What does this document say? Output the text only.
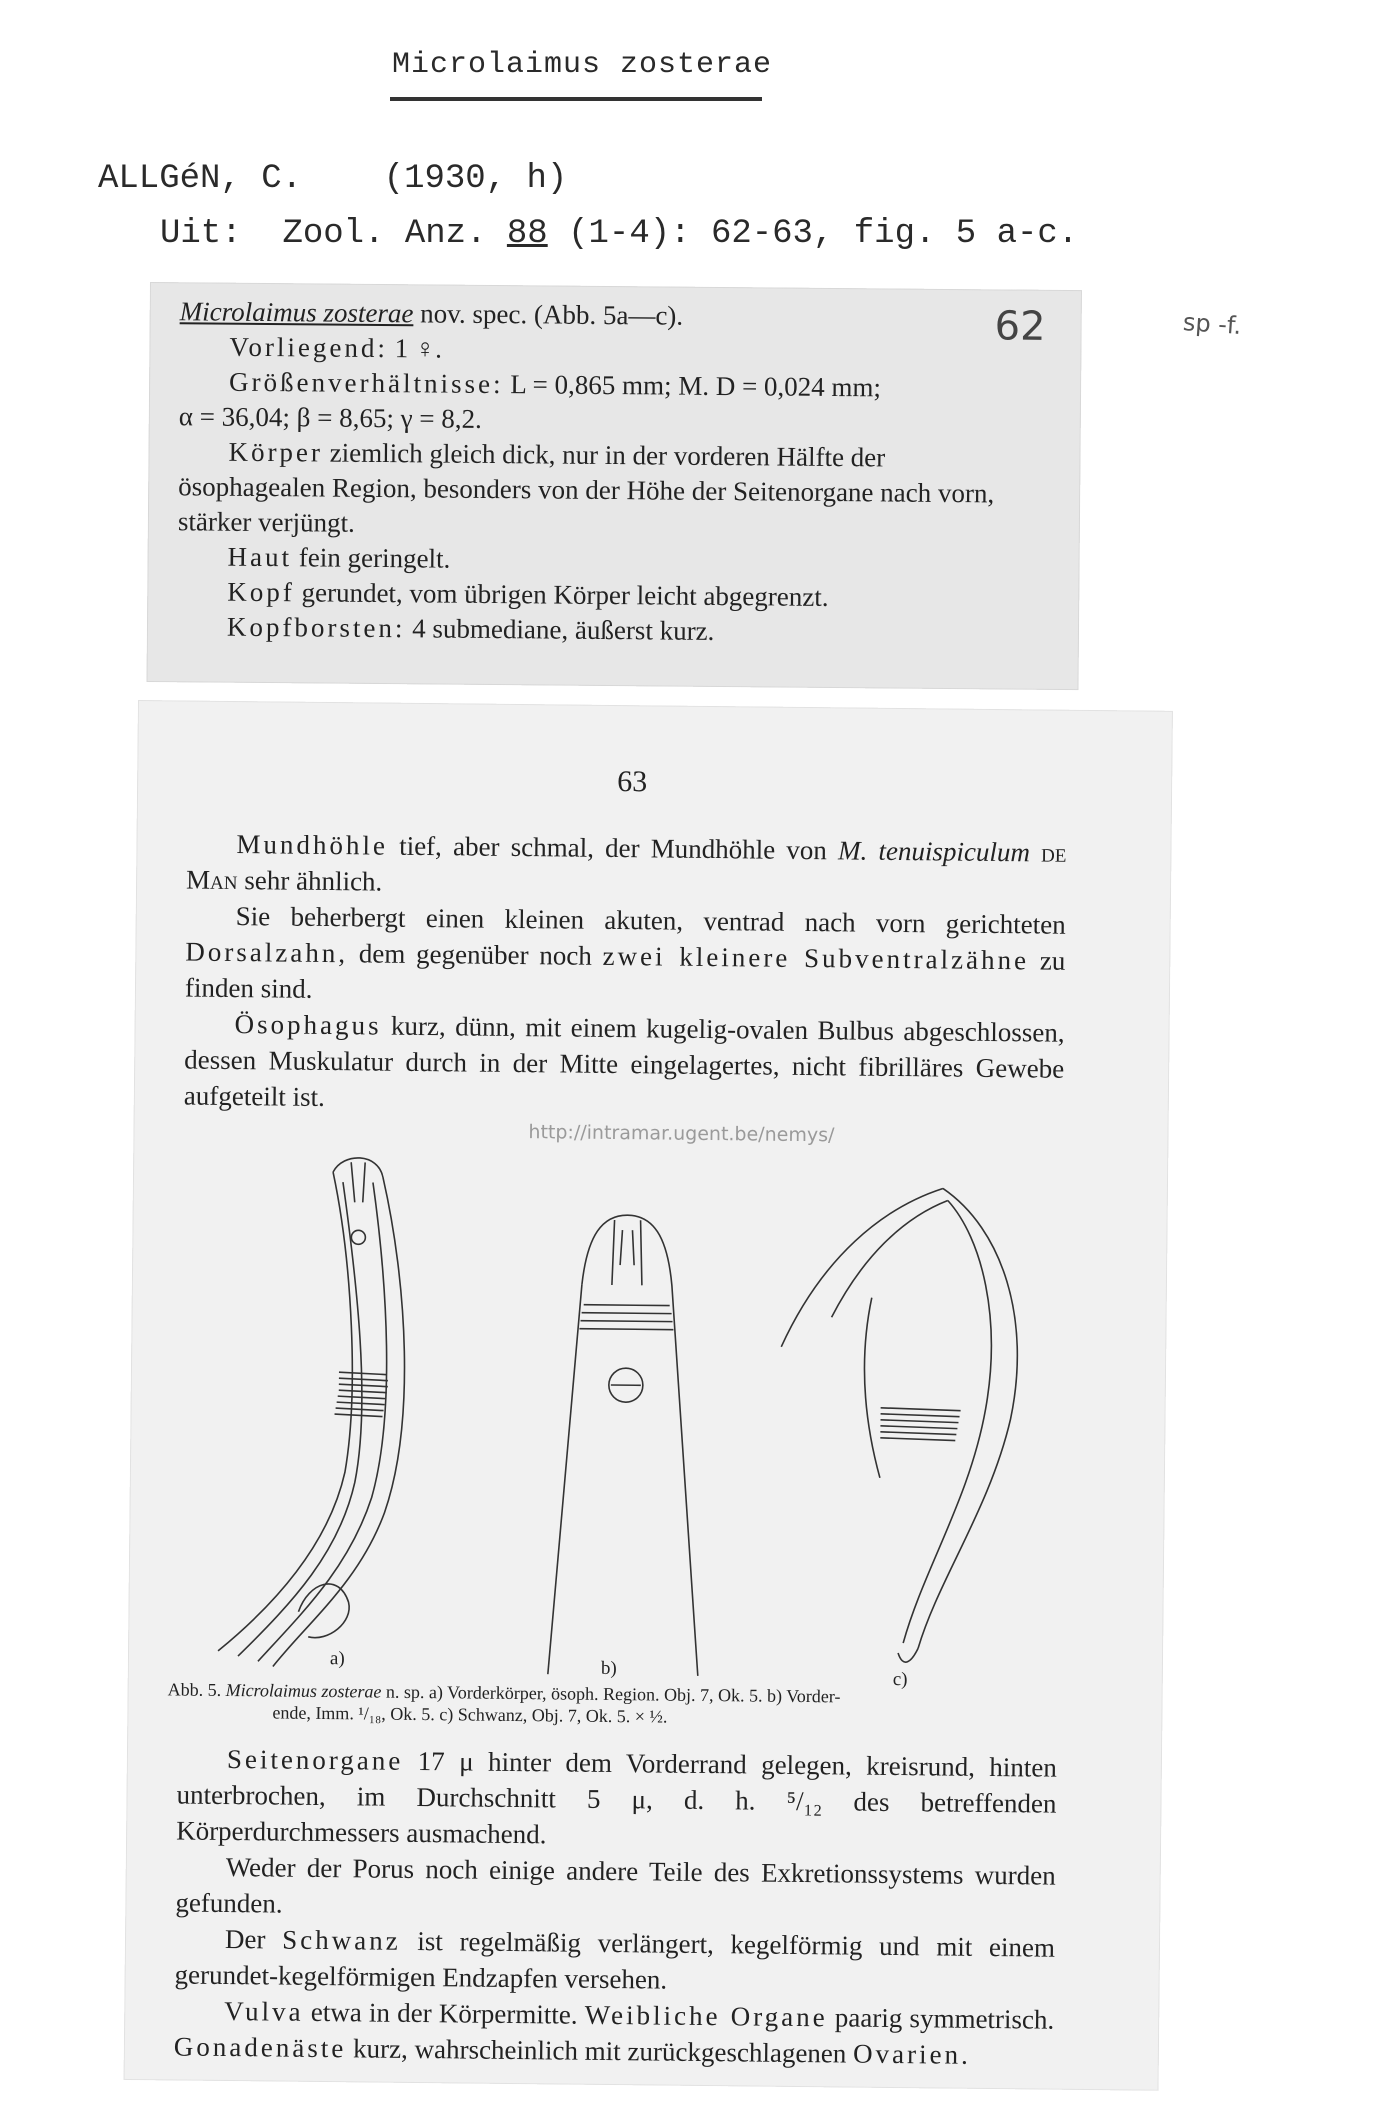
Microlaimus zosterae
ALLGéN, C. (1930, h)
Uit: Zool. Anz. 88 (1-4): 62-63, fig. 5 a-c.
sp -f.
62

Microlaimus zosterae nov. spec. (Abb. 5a—c).

Vorliegend: 1 ♀.

Größenverhältnisse: L = 0,865 mm; M. D = 0,024 mm;

α = 36,04; β = 8,65; γ = 8,2.

Körper ziemlich gleich dick, nur in der vorderen Hälfte der ösophagealen Region, besonders von der Höhe der Seitenorgane nach vorn, stärker verjüngt.

Haut fein geringelt.

Kopf gerundet, vom übrigen Körper leicht abgegrenzt.

Kopfborsten: 4 submediane, äußerst kurz.

63

Mundhöhle tief, aber schmal, der Mundhöhle von M. tenuispiculum de Man sehr ähnlich.

Sie beherbergt einen kleinen akuten, ventrad nach vorn gerichteten Dorsalzahn, dem gegenüber noch zwei kleinere Subventralzähne zu finden sind.

Ösophagus kurz, dünn, mit einem kugelig-ovalen Bulbus abgeschlossen, dessen Muskulatur durch in der Mitte eingelagertes, nicht fibrilläres Gewebe aufgeteilt ist.

http://intramar.ugent.be/nemys/
a)	b)
c)

Abb. 5. Microlaimus zosterae n. sp. a) Vorderkörper, ösoph. Region. Obj. 7, Ok. 5. b) Vorder-

ende, Imm. ¹/₁₈, Ok. 5. c) Schwanz, Obj. 7, Ok. 5. × ½.

Seitenorgane 17 μ hinter dem Vorderrand gelegen, kreisrund, hinten unterbrochen, im Durchschnitt 5 μ, d. h. ⁵/₁₂ des betreffenden Körperdurchmessers ausmachend.

Weder der Porus noch einige andere Teile des Exkretionssystems wurden gefunden.

Der Schwanz ist regelmäßig verlängert, kegelförmig und mit einem gerundet-kegelförmigen Endzapfen versehen.

Vulva etwa in der Körpermitte. Weibliche Organe paarig symmetrisch. Gonadenäste kurz, wahrscheinlich mit zurückgeschlagenen Ovarien.
